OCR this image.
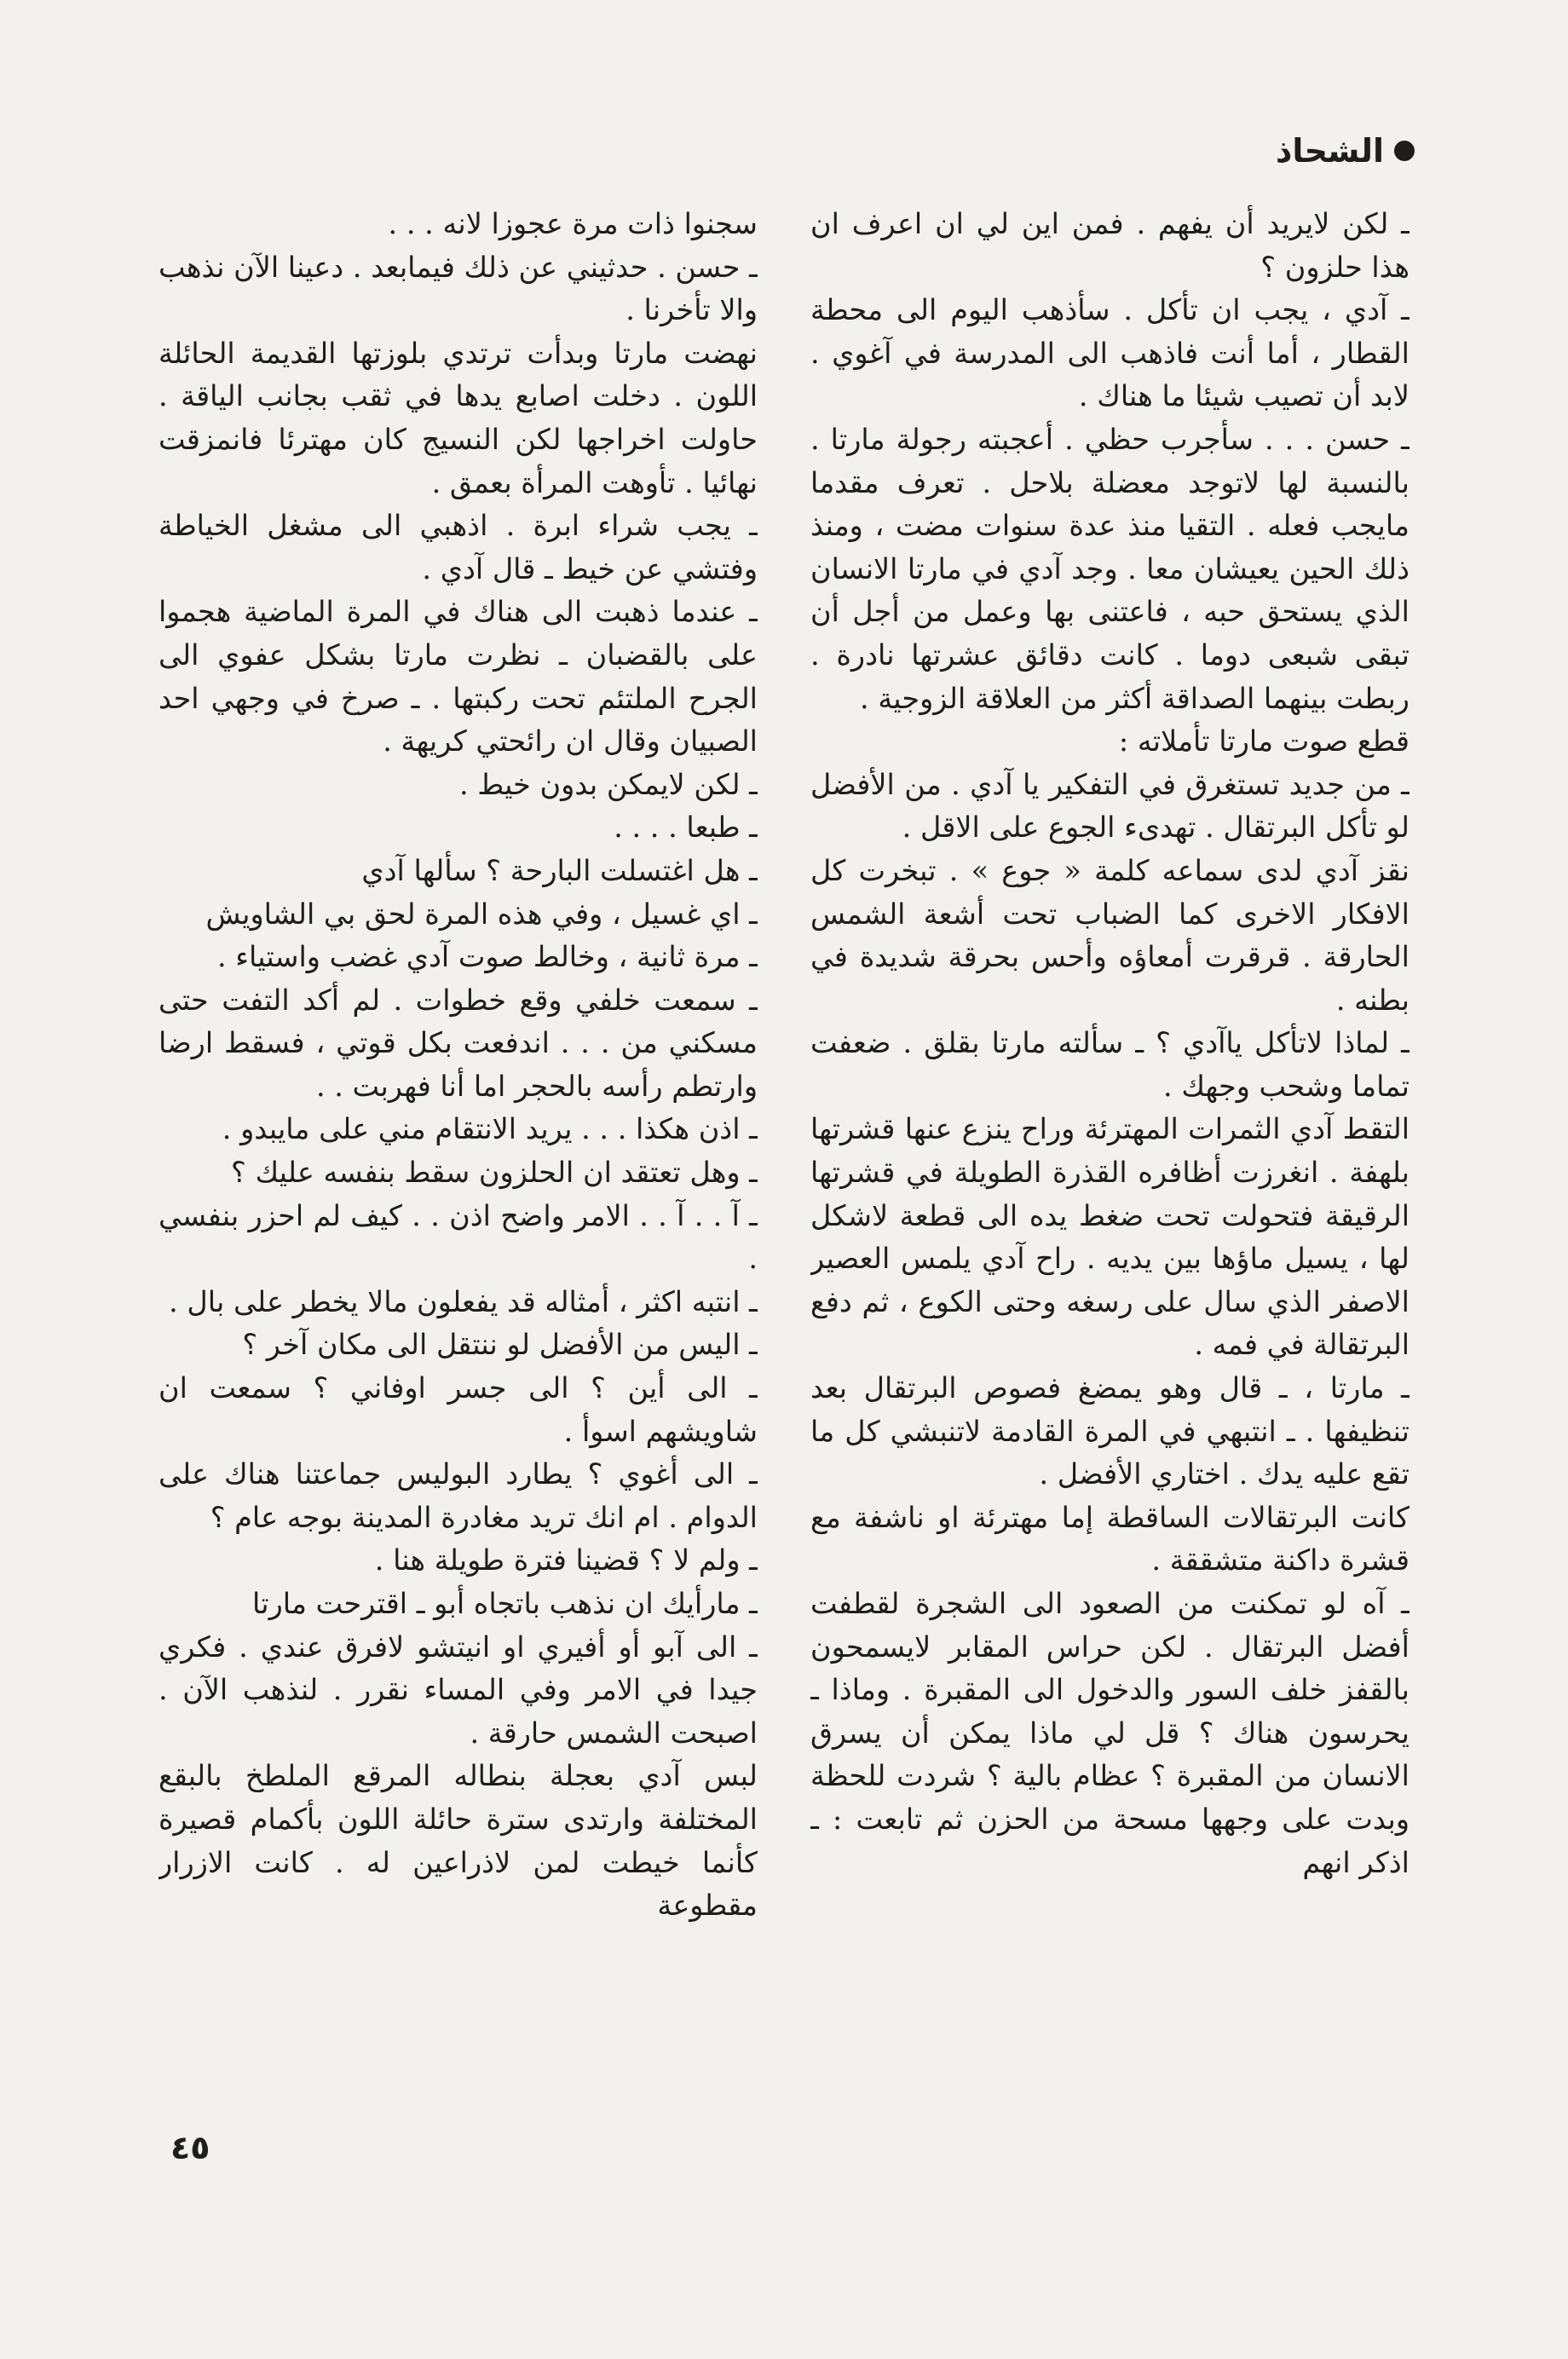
الشحاذ

ـ لكن لايريد أن يفهم . فمن اين لي ان اعرف ان هذا حلزون ؟

ـ آدي ، يجب ان تأكل . سأذهب اليوم الى محطة القطار ، أما أنت فاذهب الى المدرسة في آغوي . لابد أن تصيب شيئا ما هناك .

ـ حسن . . . سأجرب حظي . أعجبته رجولة مارتا . بالنسبة لها لاتوجد معضلة بلاحل . تعرف مقدما مايجب فعله . التقيا منذ عدة سنوات مضت ، ومنذ ذلك الحين يعيشان معا . وجد آدي في مارتا الانسان الذي يستحق حبه ، فاعتنى بها وعمل من أجل أن تبقى شبعى دوما . كانت دقائق عشرتها نادرة . ربطت بينهما الصداقة أكثر من العلاقة الزوجية .

قطع صوت مارتا تأملاته :

ـ من جديد تستغرق في التفكير يا آدي . من الأفضل لو تأكل البرتقال . تهدىء الجوع على الاقل .

نقز آدي لدى سماعه كلمة « جوع » . تبخرت كل الافكار الاخرى كما الضباب تحت أشعة الشمس الحارقة . قرقرت أمعاؤه وأحس بحرقة شديدة في بطنه .

ـ لماذا لاتأكل ياآدي ؟ ـ سألته مارتا بقلق . ضعفت تماما وشحب وجهك .

التقط آدي الثمرات المهترئة وراح ينزع عنها قشرتها بلهفة . انغرزت أظافره القذرة الطويلة في قشرتها الرقيقة فتحولت تحت ضغط يده الى قطعة لاشكل لها ، يسيل ماؤها بين يديه . راح آدي يلمس العصير الاصفر الذي سال على رسغه وحتى الكوع ، ثم دفع البرتقالة في فمه .

ـ مارتا ، ـ قال وهو يمضغ فصوص البرتقال بعد تنظيفها . ـ انتبهي في المرة القادمة لاتنبشي كل ما تقع عليه يدك . اختاري الأفضل .

كانت البرتقالات الساقطة إما مهترئة او ناشفة مع قشرة داكنة متشققة .

ـ آه لو تمكنت من الصعود الى الشجرة لقطفت أفضل البرتقال . لكن حراس المقابر لايسمحون بالقفز خلف السور والدخول الى المقبرة . وماذا ـ يحرسون هناك ؟ قل لي ماذا يمكن أن يسرق الانسان من المقبرة ؟ عظام بالية ؟ شردت للحظة وبدت على وجهها مسحة من الحزن ثم تابعت : ـ اذكر انهم

سجنوا ذات مرة عجوزا لانه . . .

ـ حسن . حدثيني عن ذلك فيمابعد . دعينا الآن نذهب والا تأخرنا .

نهضت مارتا وبدأت ترتدي بلوزتها القديمة الحائلة اللون . دخلت اصابع يدها في ثقب بجانب الياقة . حاولت اخراجها لكن النسيج كان مهترئا فانمزقت نهائيا . تأوهت المرأة بعمق .

ـ يجب شراء ابرة . اذهبي الى مشغل الخياطة وفتشي عن خيط ـ قال آدي .

ـ عندما ذهبت الى هناك في المرة الماضية هجموا على بالقضبان ـ نظرت مارتا بشكل عفوي الى الجرح الملتئم تحت ركبتها . ـ صرخ في وجهي احد الصبيان وقال ان رائحتي كريهة .

ـ لكن لايمكن بدون خيط .

ـ طبعا . . . .

ـ هل اغتسلت البارحة ؟ سألها آدي

ـ اي غسيل ، وفي هذه المرة لحق بي الشاويش

ـ مرة ثانية ، وخالط صوت آدي غضب واستياء .

ـ سمعت خلفي وقع خطوات . لم أكد التفت حتى مسكني من . . . اندفعت بكل قوتي ، فسقط ارضا وارتطم رأسه بالحجر اما أنا فهربت . .

ـ اذن هكذا . . . يريد الانتقام مني على مايبدو .

ـ وهل تعتقد ان الحلزون سقط بنفسه عليك ؟

ـ آ . . آ . . الامر واضح اذن . . كيف لم احزر بنفسي .

ـ انتبه اكثر ، أمثاله قد يفعلون مالا يخطر على بال .

ـ اليس من الأفضل لو ننتقل الى مكان آخر ؟

ـ الى أين ؟ الى جسر اوفاني ؟ سمعت ان شاويشهم اسوأ .

ـ الى أغوي ؟ يطارد البوليس جماعتنا هناك على الدوام . ام انك تريد مغادرة المدينة بوجه عام ؟

ـ ولم لا ؟ قضينا فترة طويلة هنا .

ـ مارأيك ان نذهب باتجاه أبو ـ اقترحت مارتا

ـ الى آبو أو أفيري او انيتشو لافرق عندي . فكري جيدا في الامر وفي المساء نقرر . لنذهب الآن . اصبحت الشمس حارقة .

لبس آدي بعجلة بنطاله المرقع الملطخ بالبقع المختلفة وارتدى سترة حائلة اللون بأكمام قصيرة كأنما خيطت لمن لاذراعين له . كانت الازرار مقطوعة

٤٥
